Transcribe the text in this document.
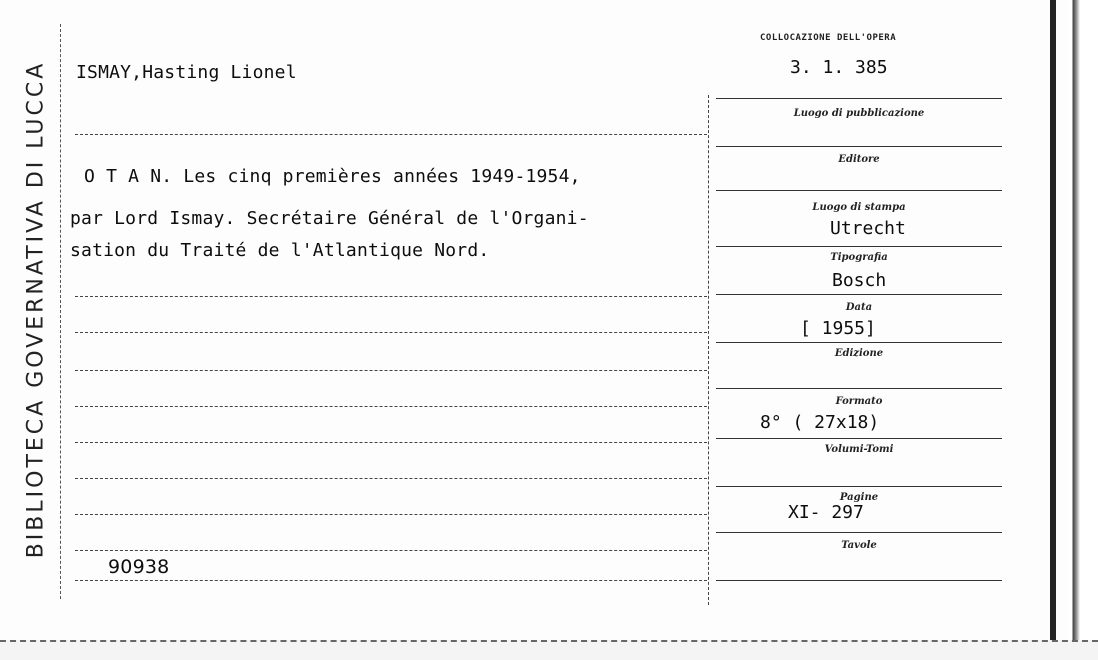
BIBLIOTECA GOVERNATIVA DI LUCCA ISMAY,Hasting Lionel
O T A N. Les cinq premières années 1949-1954,
par Lord Ismay. Secrétaire Général de l'Organi-
sation du Traité de l'Atlantique Nord.
90938
COLLOCAZIONE DELL'OPERA
3. 1. 385
Luogo di pubblicazione
Editore
Luogo di stampa
Utrecht
Tipografia
Bosch
Data
[ 1955]
Edizione
Formato
8° ( 27x18)
Volumi-Tomi
Pagine
XI- 297
Tavole
